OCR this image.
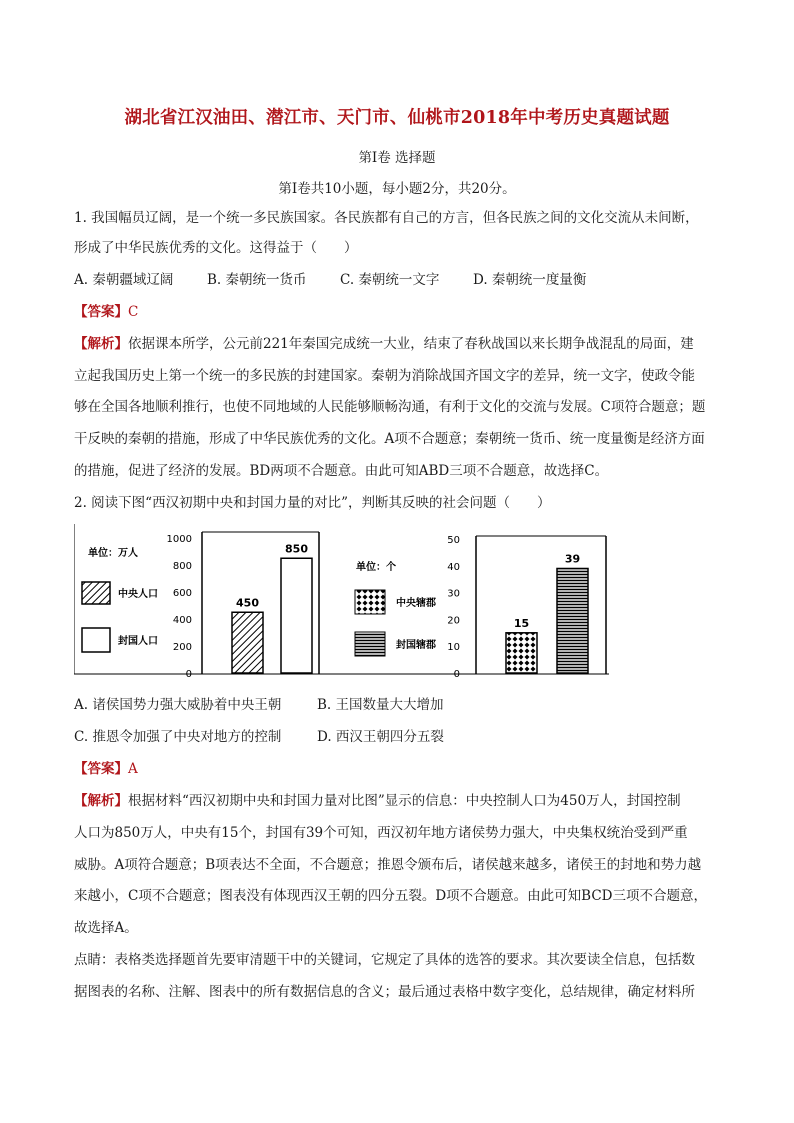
湖北省江汉油田、潜江市、天门市、仙桃市2018年中考历史真题试题
第Ⅰ卷 选择题
第Ⅰ卷共10小题，每小题2分，共20分。
1. 我国幅员辽阔，是一个统一多民族国家。各民族都有自己的方言，但各民族之间的文化交流从未间断，
形成了中华民族优秀的文化。这得益于（　　）
A. 秦朝疆域辽阔 B. 秦朝统一货币 C. 秦朝统一文字 D. 秦朝统一度量衡
【答案】C
【解析】依据课本所学，公元前221年秦国完成统一大业，结束了春秋战国以来长期争战混乱的局面，建
立起我国历史上第一个统一的多民族的封建国家。秦朝为消除战国齐国文字的差异，统一文字，使政令能
够在全国各地顺利推行，也使不同地域的人民能够顺畅沟通，有利于文化的交流与发展。C项符合题意；题
干反映的秦朝的措施，形成了中华民族优秀的文化。A项不合题意；秦朝统一货币、统一度量衡是经济方面
的措施，促进了经济的发展。BD两项不合题意。由此可知ABD三项不合题意，故选择C。
2. 阅读下图“西汉初期中央和封国力量的对比”，判断其反映的社会问题（　　）
单位：万人
中央人口
封国人口
1000
800
600
400
200
0
450
850
单位：个
中央辖郡
封国辖郡
50
40
30
20
10
0
15
39
A. 诸侯国势力强大威胁着中央王朝	B. 王国数量大大增加
C. 推恩令加强了中央对地方的控制	D. 西汉王朝四分五裂
【答案】A
【解析】根据材料“西汉初期中央和封国力量对比图”显示的信息：中央控制人口为450万人，封国控制
人口为850万人，中央有15个，封国有39个可知，西汉初年地方诸侯势力强大，中央集权统治受到严重
威胁。A项符合题意；B项表达不全面，不合题意；推恩令颁布后，诸侯越来越多，诸侯王的封地和势力越
来越小，C项不合题意；图表没有体现西汉王朝的四分五裂。D项不合题意。由此可知BCD三项不合题意，
故选择A。
点睛：表格类选择题首先要审清题干中的关键词，它规定了具体的选答的要求。其次要读全信息，包括数
据图表的名称、注解、图表中的所有数据信息的含义；最后通过表格中数字变化，总结规律，确定材料所
